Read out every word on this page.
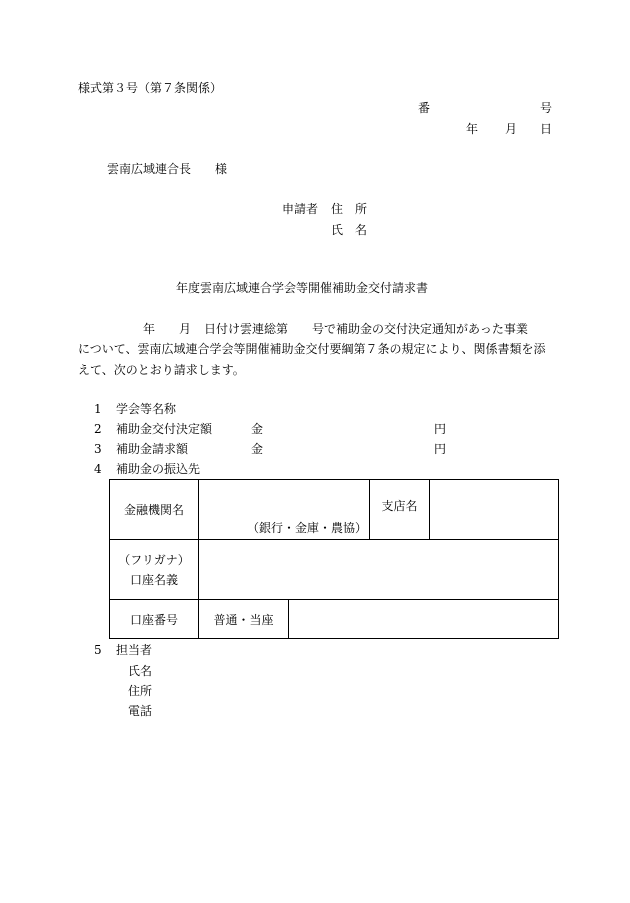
様式第３号（第７条関係）
番	号
年 月 日
雲南広域連合長 様
申請者 住　所
氏　名
年度雲南広域連合学会等開催補助金交付請求書
年 月 日付け雲連総第　　号で補助金の交付決定通知があった事業
について、雲南広域連合学会等開催補助金交付要綱第７条の規定により、関係書類を添
えて、次のとおり請求します。
1 学会等名称
2 補助金交付決定額	金	円
3 補助金請求額	金	円
4 補助金の振込先
金融機関名	（銀行・金庫・農協）		支店名	

（フリガナ）
口座名義				

口座番号	普通・当座			
5 担当者
氏名
住所
電話
